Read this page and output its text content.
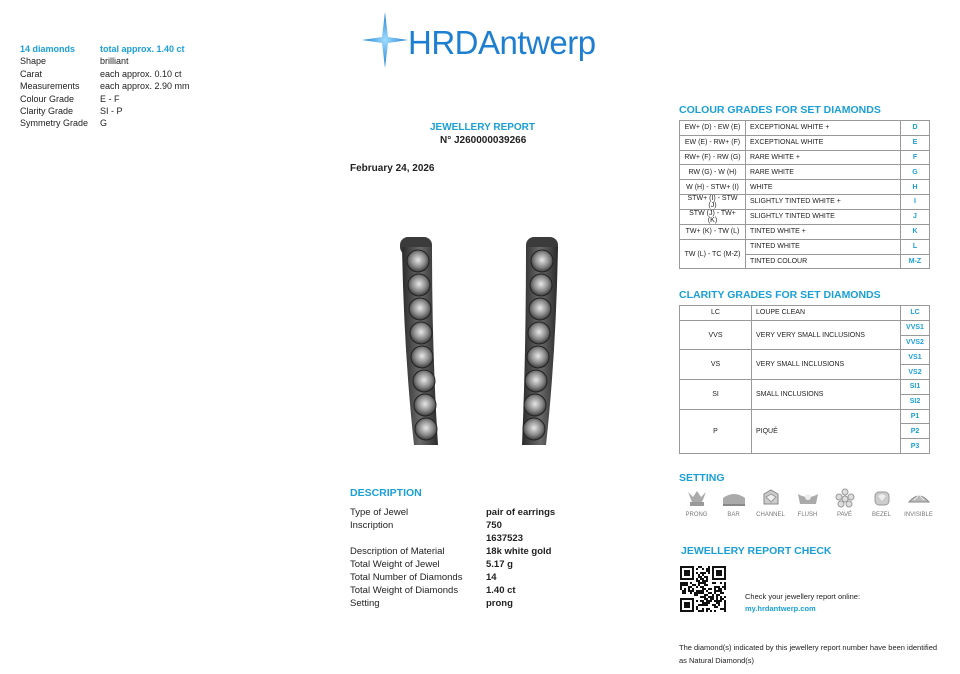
14 diamonds	total approx. 1.40 ct
Shape	brilliant
Carat	each approx. 0.10 ct
Measurements	each approx. 2.90 mm
Colour Grade	E - F
Clarity Grade	SI - P
Symmetry Grade	G
HRDAntwerp
JEWELLERY REPORT
N° J260000039266
February 24, 2026
DESCRIPTION
Type of Jewel	pair of earrings
Inscription	750
1637523
Description of Material	18k white gold
Total Weight of Jewel	5.17 g
Total Number of Diamonds	14
Total Weight of Diamonds	1.40 ct
Setting	prong
COLOUR GRADES FOR SET DIAMONDS
EW+ (D) - EW (E)	EXCEPTIONAL WHITE +	D
EW (E) - RW+ (F)	EXCEPTIONAL WHITE	E
RW+ (F) - RW (G)	RARE WHITE +	F
RW (G) - W (H)	RARE WHITE	G
W (H) - STW+ (I)	WHITE	H
STW+ (I) - STW (J)	SLIGHTLY TINTED WHITE +	I
STW (J) - TW+ (K)	SLIGHTLY TINTED WHITE	J
TW+ (K) - TW (L)	TINTED WHITE +	K
TW (L) - TC (M-Z)	TINTED WHITE	L
	TINTED COLOUR	M-Z
CLARITY GRADES FOR SET DIAMONDS
LC	LOUPE CLEAN	LC
VVS	VERY VERY SMALL INCLUSIONS	VVS1
		VVS2
VS	VERY SMALL INCLUSIONS	VS1
		VS2
SI	SMALL INCLUSIONS	SI1
		SI2
P	PIQUÉ	P1
		P2
		P3
SETTING
PRONG	BAR	CHANNEL FLUSH	PAVÉ	BEZEL INVISIBLE
JEWELLERY REPORT CHECK
Check your jewellery report online:
my.hrdantwerp.com
The diamond(s) indicated by this jewellery report number have been identified as Natural Diamond(s)
